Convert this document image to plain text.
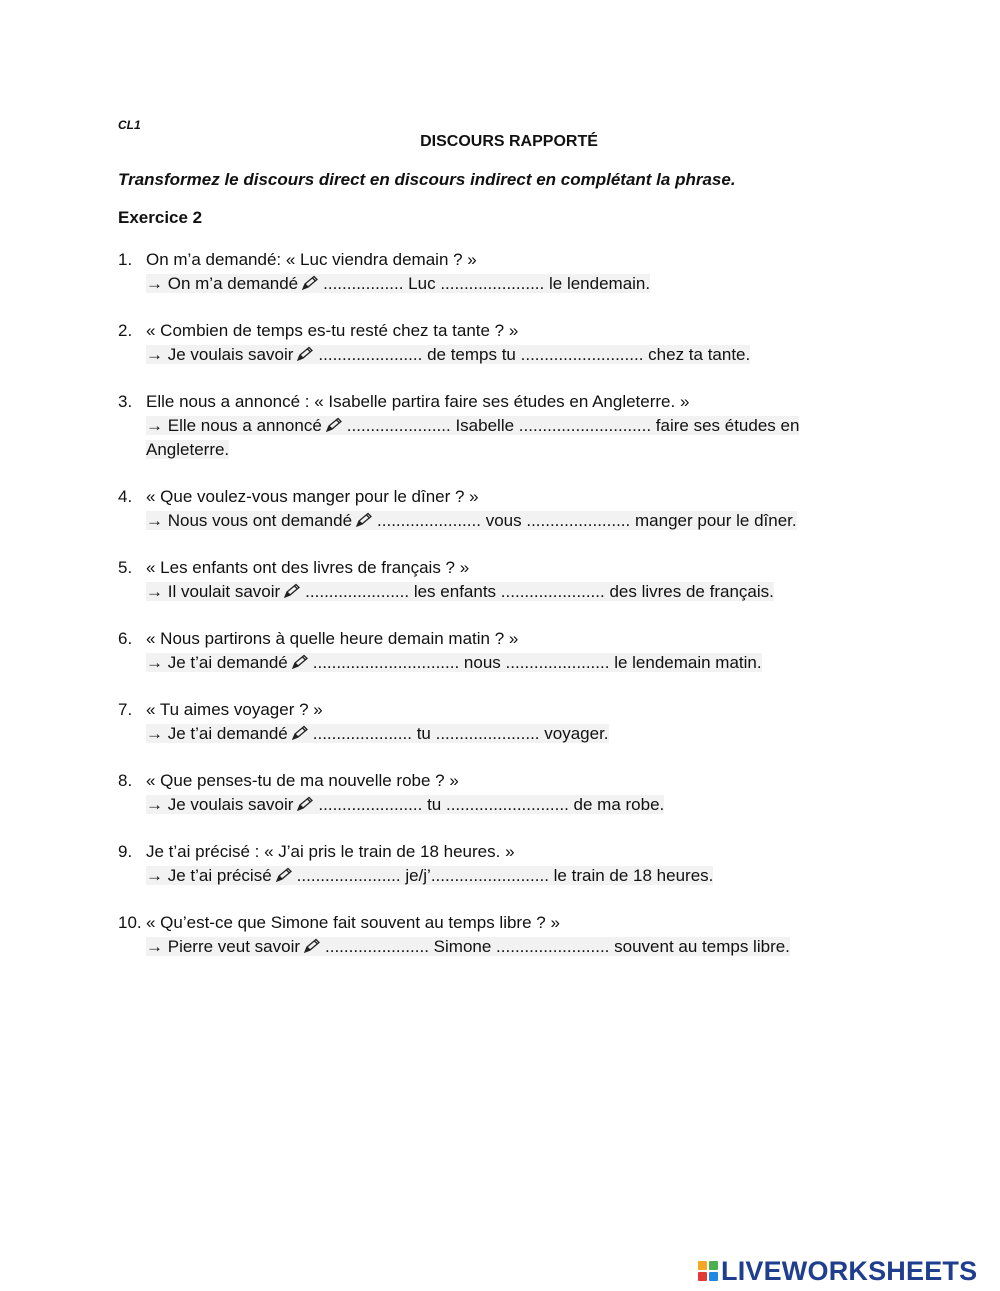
CL1
DISCOURS RAPPORTÉ
Transformez le discours direct en discours indirect en complétant la phrase.
Exercice 2
1. On m’a demandé: « Luc viendra demain ? »
→ On m’a demandé ................. Luc ...................... le lendemain.
2. « Combien de temps es-tu resté chez ta tante ? »
→ Je voulais savoir ...................... de temps tu .......................... chez ta tante.
3. Elle nous a annoncé : « Isabelle partira faire ses études en Angleterre. »
→ Elle nous a annoncé ...................... Isabelle ............................ faire ses études en
Angleterre.
4. « Que voulez-vous manger pour le dîner ? »
→ Nous vous ont demandé ...................... vous ...................... manger pour le dîner.
5. « Les enfants ont des livres de français ? »
→ Il voulait savoir ...................... les enfants ...................... des livres de français.
6. « Nous partirons à quelle heure demain matin ? »
→ Je t’ai demandé ............................... nous ...................... le lendemain matin.
7. « Tu aimes voyager ? »
→ Je t’ai demandé ..................... tu ...................... voyager.
8. « Que penses-tu de ma nouvelle robe ? »
→ Je voulais savoir ...................... tu .......................... de ma robe.
9. Je t’ai précisé : « J’ai pris le train de 18 heures. »
→ Je t’ai précisé ...................... je/j’......................... le train de 18 heures.
10. « Qu’est-ce que Simone fait souvent au temps libre ? »
→ Pierre veut savoir ...................... Simone ........................ souvent au temps libre.
LIVEWORKSHEETS
